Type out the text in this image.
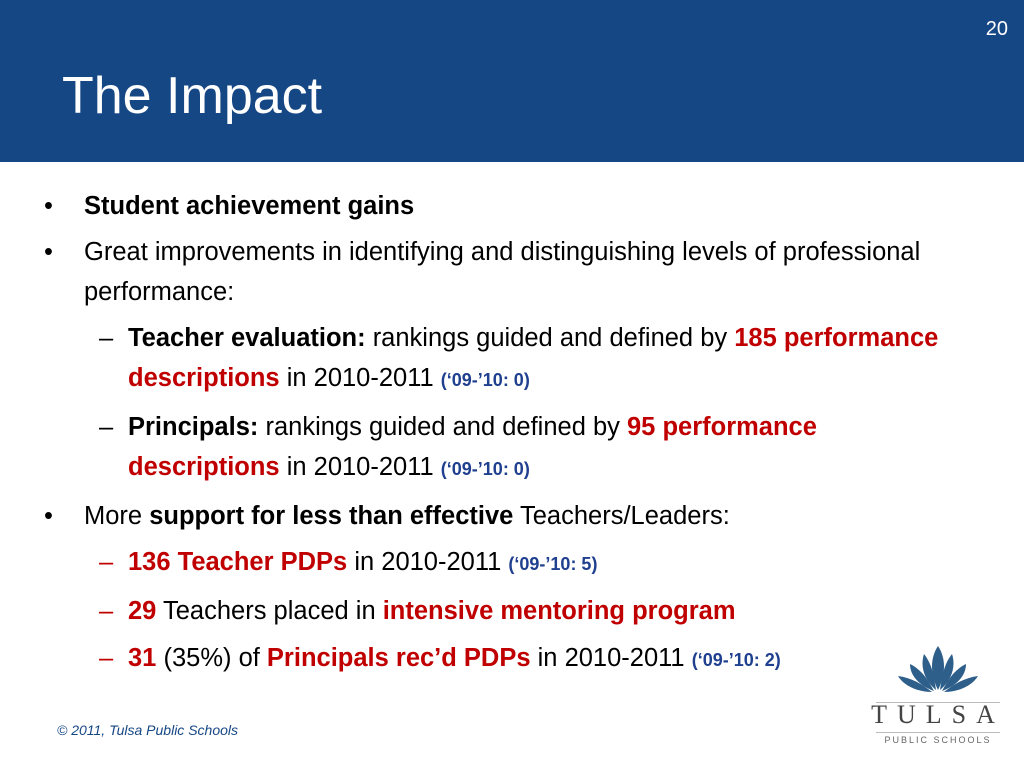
20
The Impact
•	Student achievement gains
•	Great improvements in identifying and distinguishing levels of professional performance:
– Teacher evaluation: rankings guided and defined by 185 performance descriptions in 2010-2011 (‘09-’10: 0)
– Principals: rankings guided and defined by 95 performance descriptions in 2010-2011 (‘09-’10: 0)
•	More support for less than effective Teachers/Leaders:
– 136 Teacher PDPs in 2010-2011 (‘09-’10: 5)
– 29 Teachers placed in intensive mentoring program
– 31 (35%) of Principals rec’d PDPs in 2010-2011 (‘09-’10: 2)
© 2011, Tulsa Public Schools
TULSA
PUBLIC SCHOOLS
